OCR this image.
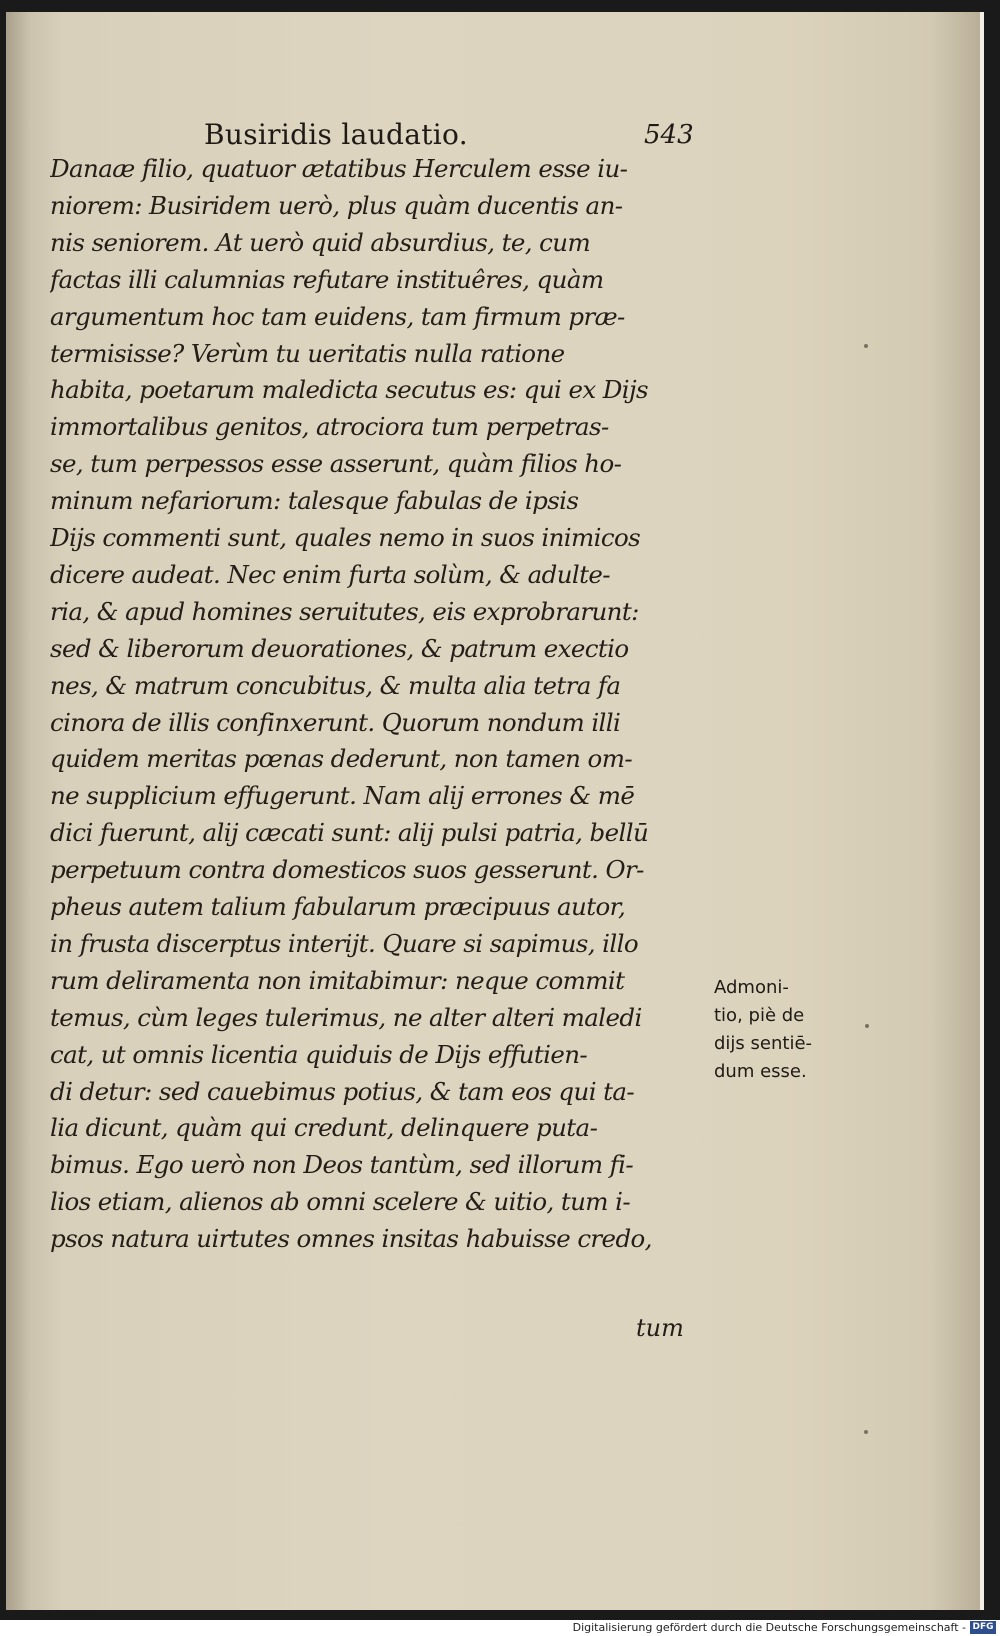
Busiridis laudatio.	543
Danaæ filio, quatuor ætatibus Herculem esse iu-
niorem: Busiridem uerò, plus quàm ducentis an-
nis seniorem. At uerò quid absurdius, te, cum
factas illi calumnias refutare instituêres, quàm
argumentum hoc tam euidens, tam firmum præ-
termisisse? Verùm tu ueritatis nulla ratione
habita, poetarum maledicta secutus es: qui ex Dijs
immortalibus genitos, atrociora tum perpetras-
se, tum perpessos esse asserunt, quàm filios ho-
minum nefariorum: talesque fabulas de ipsis
Dijs commenti sunt, quales nemo in suos inimicos
dicere audeat. Nec enim furta solùm, & adulte-
ria, & apud homines seruitutes, eis exprobrarunt:
sed & liberorum deuorationes, & patrum exectio
nes, & matrum concubitus, & multa alia tetra fa
cinora de illis confinxerunt. Quorum nondum illi
quidem meritas pœnas dederunt, non tamen om-
ne supplicium effugerunt. Nam alij errones & mē
dici fuerunt, alij cæcati sunt: alij pulsi patria, bellū
perpetuum contra domesticos suos gesserunt. Or-
pheus autem talium fabularum præcipuus autor,
in frusta discerptus interijt. Quare si sapimus, illo
rum deliramenta non imitabimur: neque commit
temus, cùm leges tulerimus, ne alter alteri maledi
cat, ut omnis licentia quiduis de Dijs effutien-
di detur: sed cauebimus potius, & tam eos qui ta-
lia dicunt, quàm qui credunt, delinquere puta-
bimus. Ego uerò non Deos tantùm, sed illorum fi-
lios etiam, alienos ab omni scelere & uitio, tum i-
psos natura uirtutes omnes insitas habuisse credo,
tum
Admoni-
tio, piè de
dijs sentiē-
dum esse.
Digitalisierung gefördert durch die Deutsche Forschungsgemeinschaft - DFG
